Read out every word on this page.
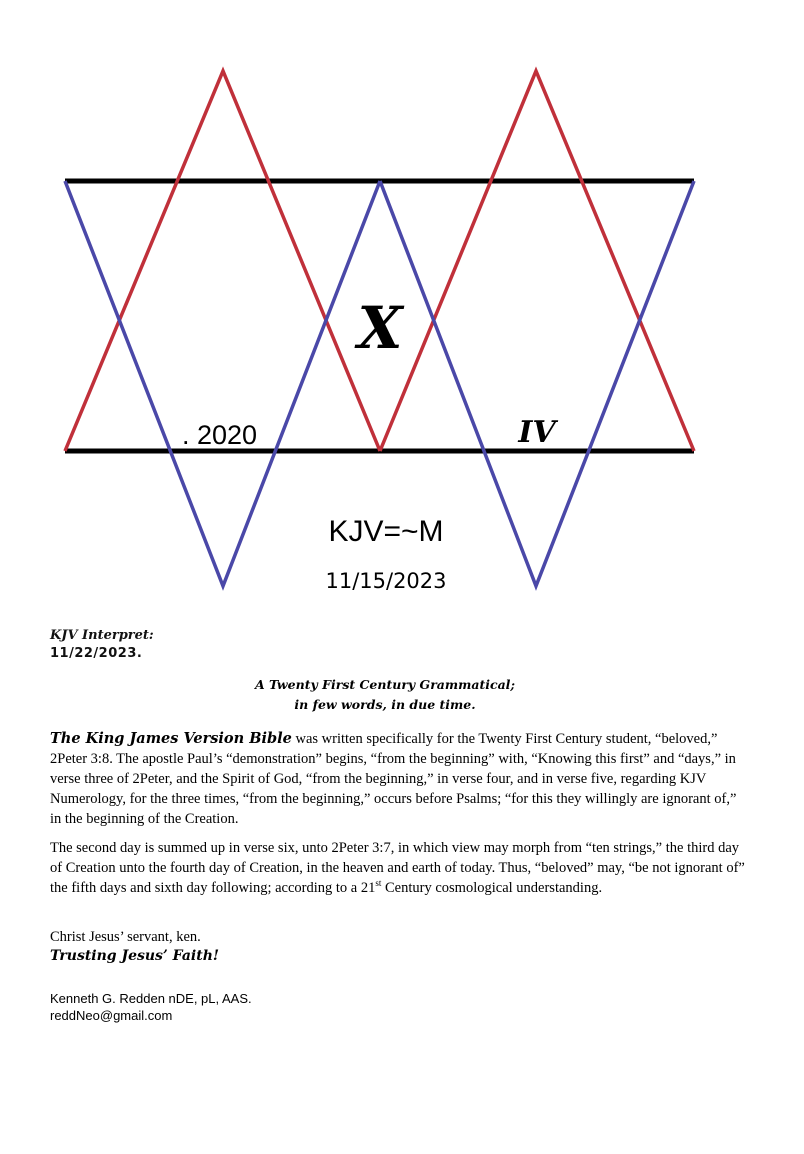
X
. 2020	IV
KJV=~M
11/15/2023

KJV Interpret:

11/22/2023.

A Twenty First Century Grammatical;

in few words, in due time.

The King James Version Bible was written specifically for the Twenty First Century student, “beloved,” 2Peter 3:8. The apostle Paul’s “demonstration” begins, “from the beginning” with, “Knowing this first” and “days,” in verse three of 2Peter, and the Spirit of God, “from the beginning,” in verse four, and in verse five, regarding KJV Numerology, for the three times, “from the beginning,” occurs before Psalms; “for this they willingly are ignorant of,” in the beginning of the Creation.

The second day is summed up in verse six, unto 2Peter 3:7, in which view may morph from “ten strings,” the third day of Creation unto the fourth day of Creation, in the heaven and earth of today. Thus, “beloved” may, “be not ignorant of” the fifth days and sixth day following; according to a 21st Century cosmological understanding.

Christ Jesus’ servant, ken.

Trusting Jesus’ Faith!

Kenneth G. Redden nDE, pL, AAS.

reddNeo@gmail.com
